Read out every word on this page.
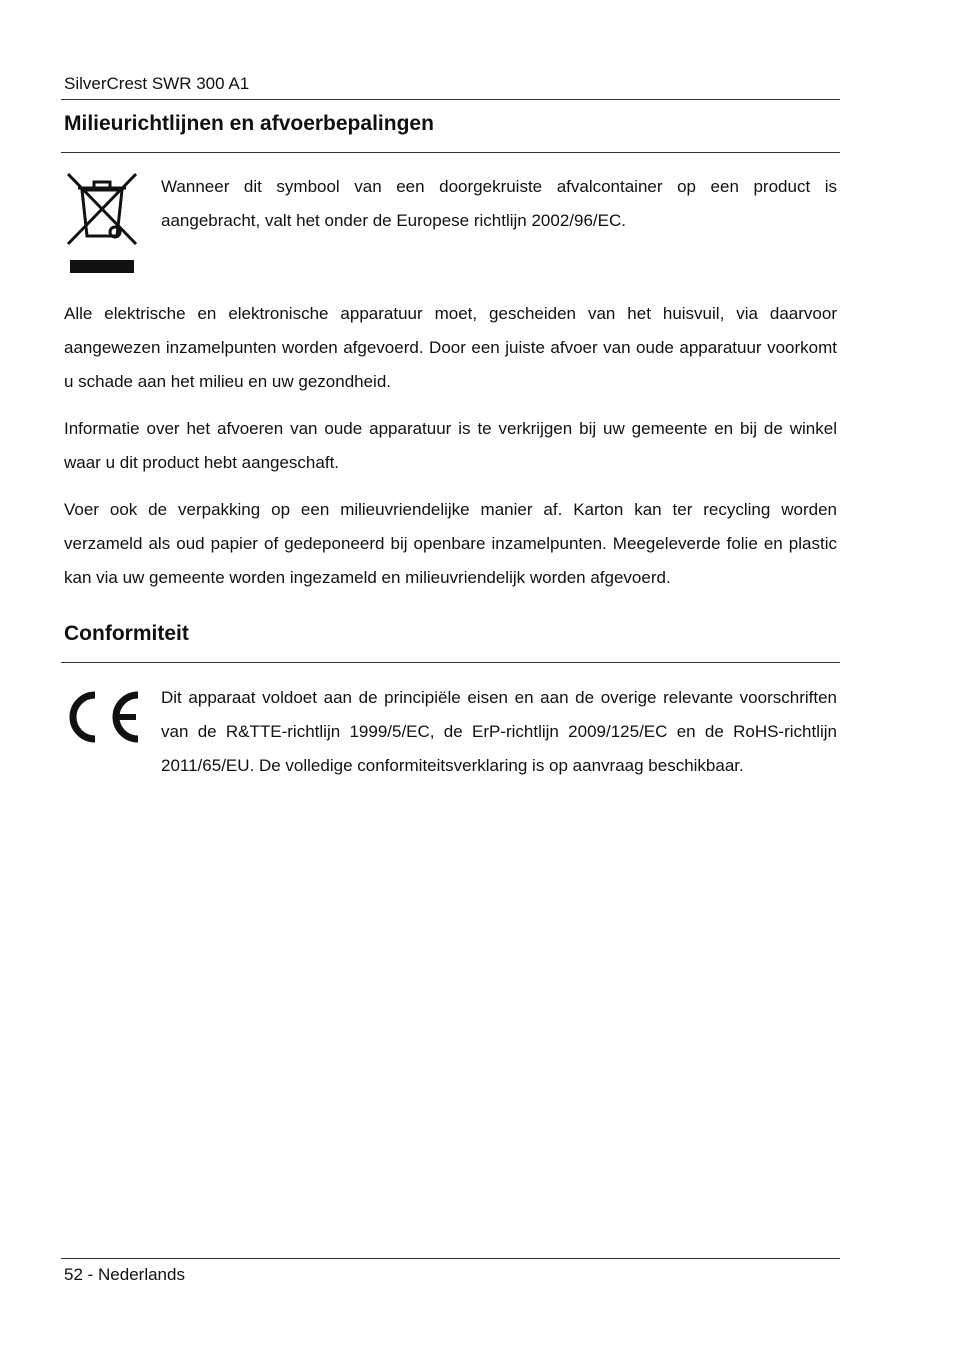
SilverCrest SWR 300 A1
Milieurichtlijnen en afvoerbepalingen

Wanneer dit symbool van een doorgekruiste afvalcontainer op een product is aangebracht, valt het onder de Europese richtlijn 2002/96/EC.

Alle elektrische en elektronische apparatuur moet, gescheiden van het huisvuil, via daarvoor aangewezen inzamelpunten worden afgevoerd. Door een juiste afvoer van oude apparatuur voorkomt u schade aan het milieu en uw gezondheid.

Informatie over het afvoeren van oude apparatuur is te verkrijgen bij uw gemeente en bij de winkel waar u dit product hebt aangeschaft.

Voer ook de verpakking op een milieuvriendelijke manier af. Karton kan ter recycling worden verzameld als oud papier of gedeponeerd bij openbare inzamelpunten. Meegeleverde folie en plastic kan via uw gemeente worden ingezameld en milieuvriendelijk worden afgevoerd.

Conformiteit

Dit apparaat voldoet aan de principiële eisen en aan de overige relevante voorschriften van de R&TTE-richtlijn 1999/5/EC, de ErP-richtlijn 2009/125/EC en de RoHS-richtlijn 2011/65/EU. De volledige conformiteitsverklaring is op aanvraag beschikbaar.

52 - Nederlands
